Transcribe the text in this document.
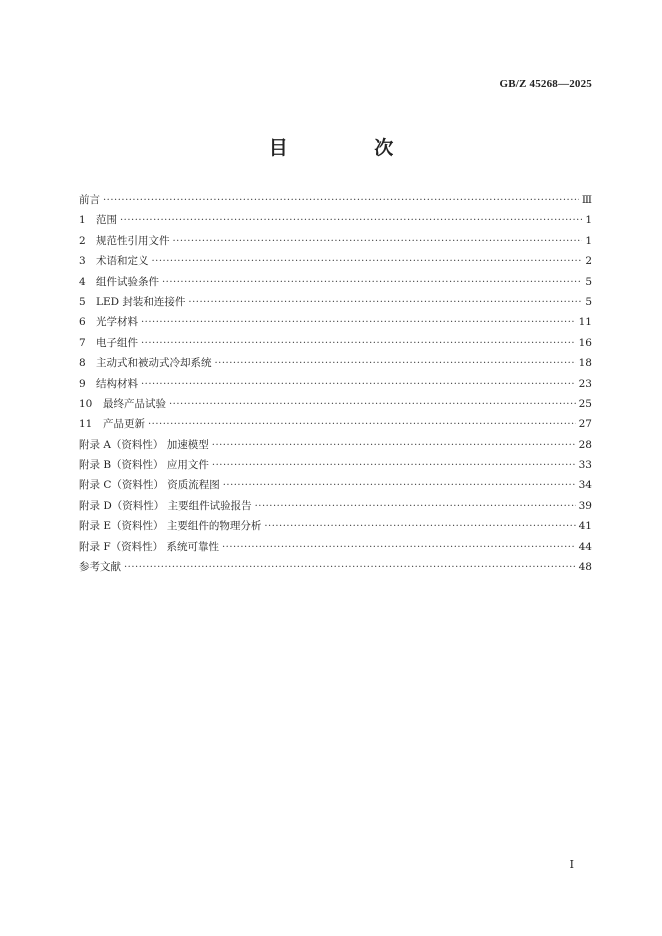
GB/Z 45268—2025
目 次
前言 ·····	Ⅲ
1 范围 ·····	1
2 规范性引用文件 ·····	1
3 术语和定义 ·····	2
4 组件试验条件 ·····	5
5 LED 封装和连接件 ·····	5
6 光学材料 ·····	11
7 电子组件 ·····	16
8 主动式和被动式冷却系统 ·····	18
9 结构材料 ·····	23
10	最终产品试验 ·····	25
11	产品更新 ·····	27
附录 A（资料性） 加速模型 ·····	28
附录 B（资料性） 应用文件 ·····	33
附录 C（资料性） 资质流程图 ·····	34
附录 D（资料性） 主要组件试验报告 ·····	39
附录 E（资料性） 主要组件的物理分析 ·····	41
附录 F（资料性） 系统可靠性 ·····	44
参考文献 ·····	48
I
